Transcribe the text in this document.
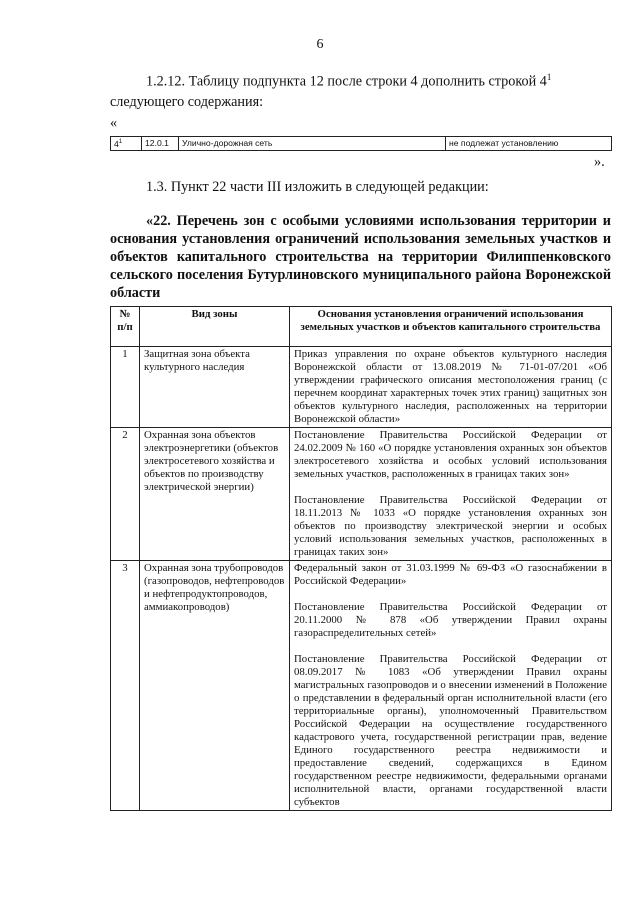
6
1.2.12. Таблицу подпункта 12 после строки 4 дополнить строкой $4^1$
следующего содержания:
«
$4^1$	12.0.1	Улично-дорожная сеть	не подлежат установлению
».
1.3. Пункт 22 части III изложить в следующей редакции:
«22. Перечень зон с особыми условиями использования территории и основания установления ограничений использования земельных участков и объектов капитального строительства на территории Филиппенковского сельского поселения Бутурлиновского муниципального района Воронежской области
№ п/п	Вид зоны	Основания установления ограничений использования земельных участков и объектов капитального строительства
1	Защитная зона объекта культурного наследия	Приказ управления по охране объектов культурного наследия Воронежской области от 13.08.2019 № 71-01-07/201 «Об утверждении графического описания местоположения границ (с перечнем координат характерных точек этих границ) защитных зон объектов культурного наследия, расположенных на территории Воронежской области»

2	Охранная зона объектов электроэнергетики (объектов электросетевого хозяйства и объектов по производству электрической энергии)	Постановление Правительства Российской Федерации от 24.02.2009 № 160 «О порядке установления охранных зон объектов электросетевого хозяйства и особых условий использования земельных участков, расположенных в границах таких зон»

Постановление Правительства Российской Федерации от 18.11.2013 № 1033 «О порядке установления охранных зон объектов по производству электрической энергии и особых условий использования земельных участков, расположенных в границах таких зон»

3	Охранная зона трубопроводов (газопроводов, нефтепроводов и нефтепродуктопроводов, аммиакопроводов)	Федеральный закон от 31.03.1999 № 69-ФЗ «О газоснабжении в Российской Федерации»

Постановление Правительства Российской Федерации от 20.11.2000 № 878 «Об утверждении Правил охраны газораспределительных сетей»

Постановление Правительства Российской Федерации от 08.09.2017 № 1083 «Об утверждении Правил охраны магистральных газопроводов и о внесении изменений в Положение о представлении в федеральный орган исполнительной власти (его территориальные органы), уполномоченный Правительством Российской Федерации на осуществление государственного кадастрового учета, государственной регистрации прав, ведение Единого государственного реестра недвижимости и предоставление сведений, содержащихся в Едином государственном реестре недвижимости, федеральными органами исполнительной власти, органами государственной власти субъектов
